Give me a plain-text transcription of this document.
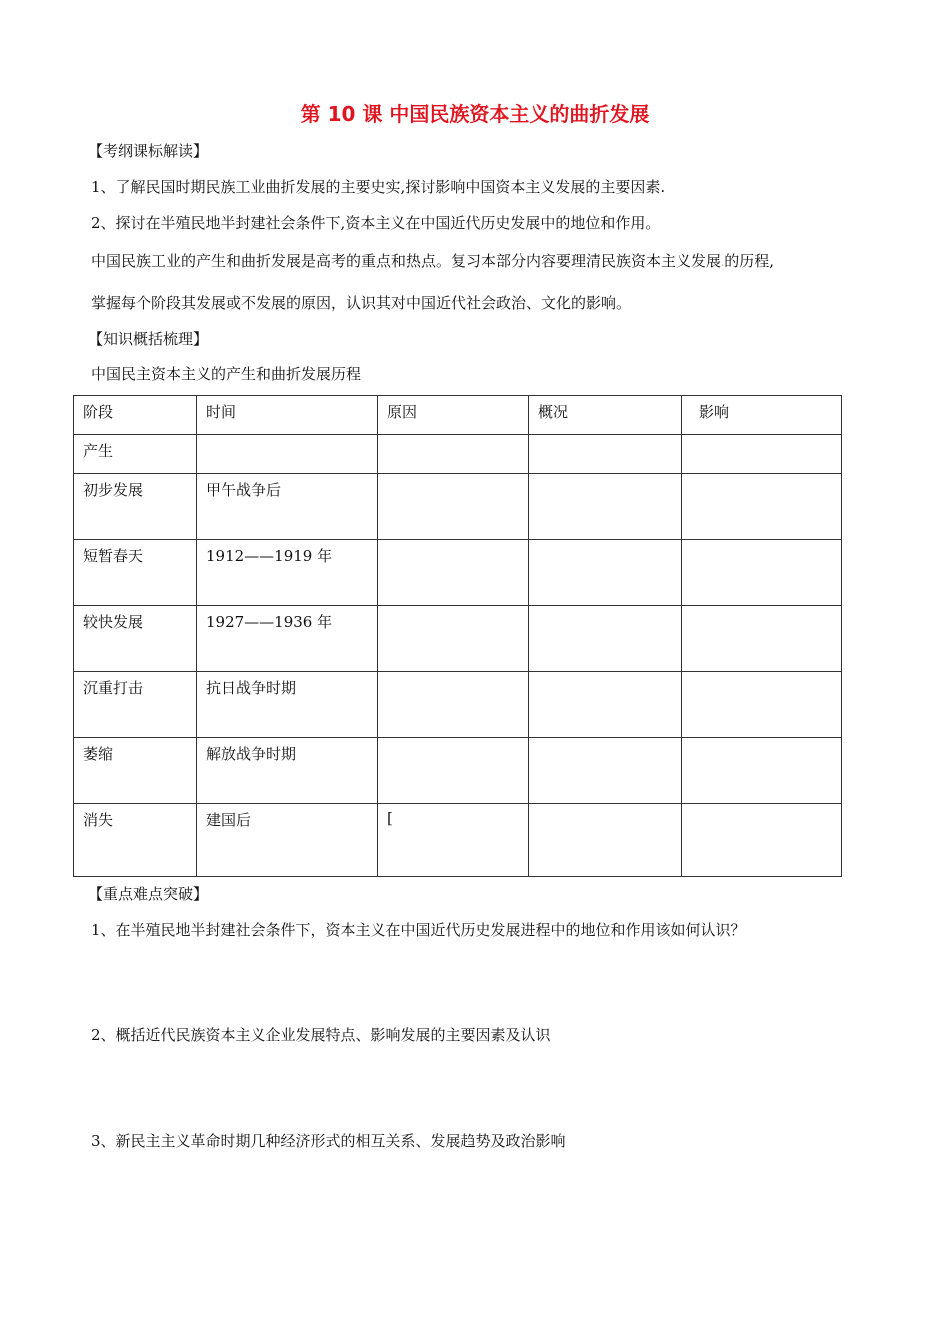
第 10 课 中国民族资本主义的曲折发展
【考纲课标解读】
1、了解民国时期民族工业曲折发展的主要史实,探讨影响中国资本主义发展的主要因素.
2、探讨在半殖民地半封建社会条件下,资本主义在中国近代历史发展中的地位和作用。
中国民族工业的产生和曲折发展是高考的重点和热点。复习本部分内容要理清民族资本主义发展.的历程,
掌握每个阶段其发展或不发展的原因，认识其对中国近代社会政治、文化的影响。
【知识概括梳理】
中国民主资本主义的产生和曲折发展历程
阶段	时间	原因	概况	影响
产生				
初步发展	甲午战争后			
短暂春天	1912——1919 年			
较快发展	1927——1936 年			
沉重打击	抗日战争时期			
萎缩	解放战争时期			
消失	建国后	[		
【重点难点突破】
1、在半殖民地半封建社会条件下，资本主义在中国近代历史发展进程中的地位和作用该如何认识？
2、概括近代民族资本主义企业发展特点、影响发展的主要因素及认识
3、新民主主义革命时期几种经济形式的相互关系、发展趋势及政治影响
